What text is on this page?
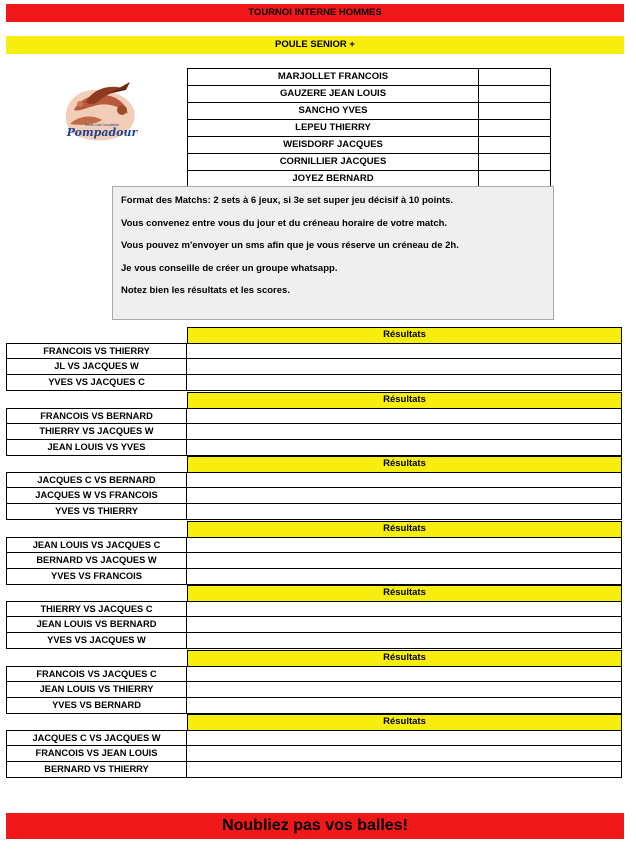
TOURNOI INTERNE HOMMES
POULE SENIOR +
Tennis Club Compétition
Pompadour
MARJOLLET FRANCOIS
GAUZERE JEAN LOUIS
SANCHO YVES
LEPEU THIERRY
WEISDORF JACQUES
CORNILLIER JACQUES
JOYEZ BERNARD
Format des Matchs: 2 sets à 6 jeux, si 3e set super jeu décisif à 10 points.
Vous convenez entre vous du jour et du créneau horaire de votre match.
Vous pouvez m'envoyer un sms afin que je vous réserve un créneau de 2h.
Je vous conseille de créer un groupe whatsapp.
Notez bien les résultats et les scores.
Résultats
FRANCOIS VS THIERRY
JL VS JACQUES W
YVES VS JACQUES C
Résultats
FRANCOIS VS BERNARD
THIERRY VS JACQUES W
JEAN LOUIS VS YVES
Résultats
JACQUES C VS BERNARD
JACQUES W VS FRANCOIS
YVES VS THIERRY
Résultats
JEAN LOUIS VS JACQUES C
BERNARD VS JACQUES W
YVES VS FRANCOIS
Résultats
THIERRY VS JACQUES C
JEAN LOUIS VS BERNARD
YVES VS JACQUES W
Résultats
FRANCOIS VS JACQUES C
JEAN LOUIS VS THIERRY
YVES VS BERNARD
Résultats
JACQUES C VS JACQUES W
FRANCOIS VS JEAN LOUIS
BERNARD VS THIERRY
Noubliez pas vos balles!
